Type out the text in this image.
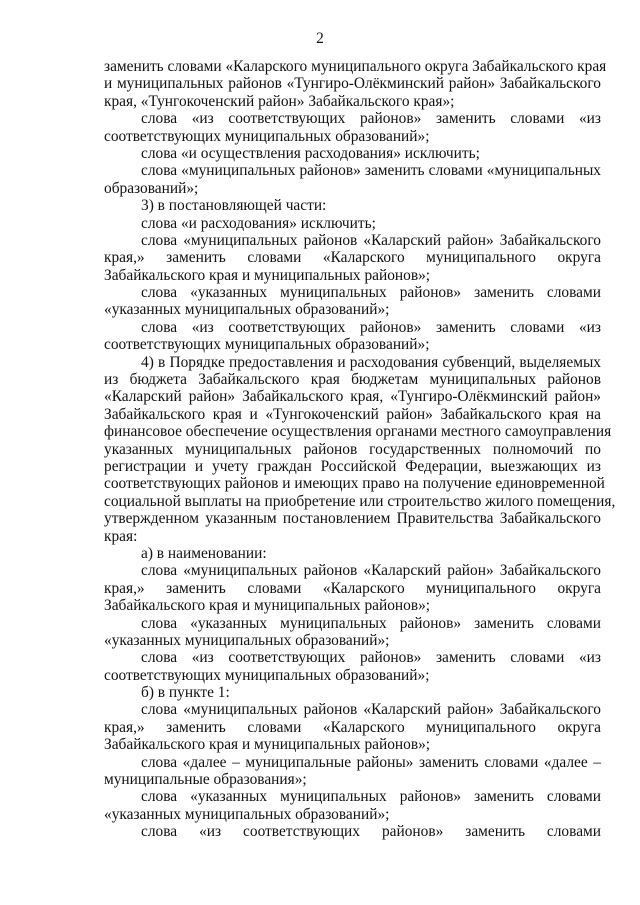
2
заменить словами «Каларского муниципального округа Забайкальского края
и муниципальных районов «Тунгиро-Олёкминский район» Забайкальского
края, «Тунгокоченский район» Забайкальского края»;
слова «из соответствующих районов» заменить словами «из
соответствующих муниципальных образований»;
слова «и осуществления расходования» исключить;
слова «муниципальных районов» заменить словами «муниципальных
образований»;
3) в постановляющей части:
слова «и расходования» исключить;
слова «муниципальных районов «Каларский район» Забайкальского
края,» заменить словами «Каларского муниципального округа
Забайкальского края и муниципальных районов»;
слова «указанных муниципальных районов» заменить словами
«указанных муниципальных образований»;
слова «из соответствующих районов» заменить словами «из
соответствующих муниципальных образований»;
4) в Порядке предоставления и расходования субвенций, выделяемых
из бюджета Забайкальского края бюджетам муниципальных районов
«Каларский район» Забайкальского края, «Тунгиро-Олёкминский район»
Забайкальского края и «Тунгокоченский район» Забайкальского края на
финансовое обеспечение осуществления органами местного самоуправления
указанных муниципальных районов государственных полномочий по
регистрации и учету граждан Российской Федерации, выезжающих из
соответствующих районов и имеющих право на получение единовременной
социальной выплаты на приобретение или строительство жилого помещения,
утвержденном указанным постановлением Правительства Забайкальского
края:
а) в наименовании:
слова «муниципальных районов «Каларский район» Забайкальского
края,» заменить словами «Каларского муниципального округа
Забайкальского края и муниципальных районов»;
слова «указанных муниципальных районов» заменить словами
«указанных муниципальных образований»;
слова «из соответствующих районов» заменить словами «из
соответствующих муниципальных образований»;
б) в пункте 1:
слова «муниципальных районов «Каларский район» Забайкальского
края,» заменить словами «Каларского муниципального округа
Забайкальского края и муниципальных районов»;
слова «далее – муниципальные районы» заменить словами «далее –
муниципальные образования»;
слова «указанных муниципальных районов» заменить словами
«указанных муниципальных образований»;
слова «из соответствующих районов» заменить словами
